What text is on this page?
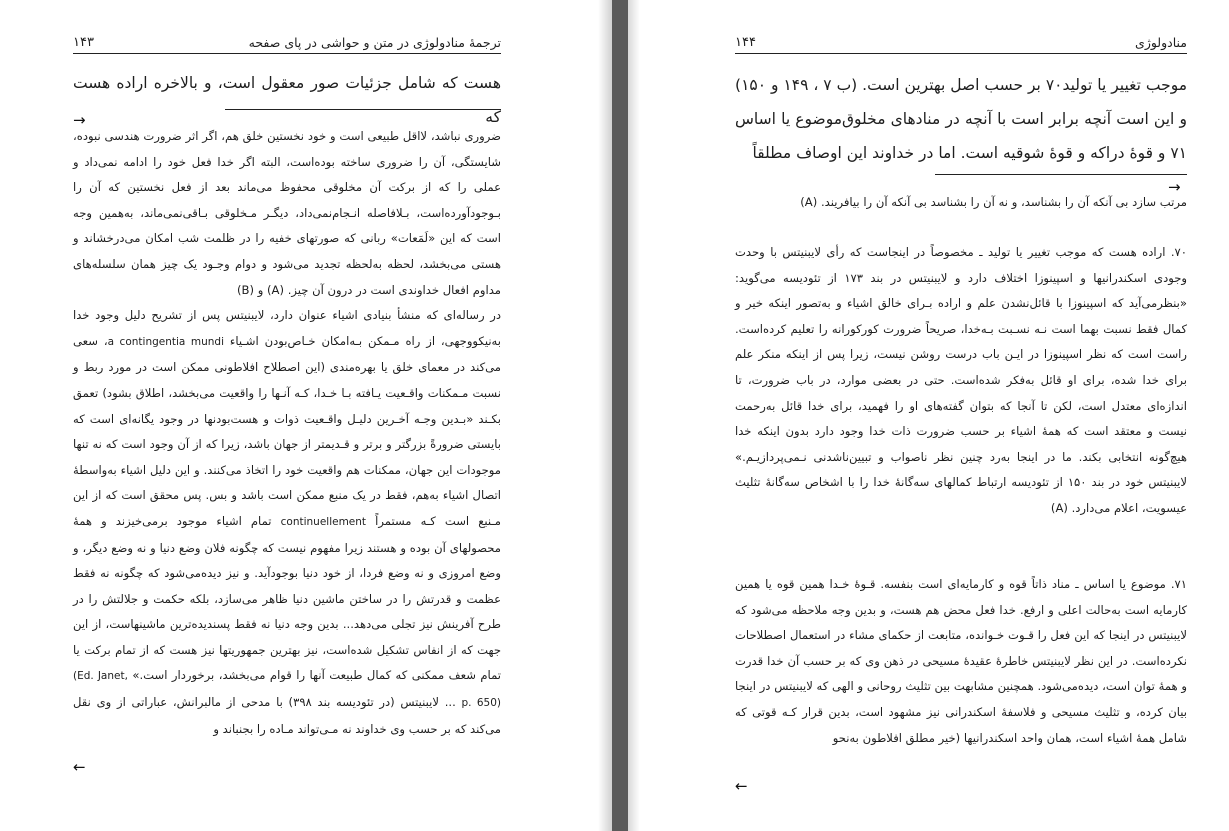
ترجمهٔ منادولوژی در متن و حواشی در پای صفحه
۱۴۳
هست که شامل جزئیات صور معقول است، و بالاخره اراده هست که
→
ضروری نباشد، لااقل طبیعی است و خود نخستین خلق هم، اگر اثر ضرورت هندسی نبوده، شایستگی، آن را ضروری ساخته بوده‌است، البته اگر خدا فعل خود را ادامه نمی‌داد و عملی را که از برکت آن مخلوقی محفوظ می‌ماند بعد از فعل نخستین که آن را بـوجودآورده‌است، بـلافاصله انـجام‌نمی‌داد، دیگـر مـخلوقی بـاقی‌نمی‌ماند، به‌همین وجه است که این «لَمَعات» ربانی که صورتهای خفیه را در ظلمت شب امکان می‌درخشاند و هستی می‌بخشد، لحظه به‌لحظه تجدید می‌شود و دوام وجـود یک چیز همان سلسله‌های مداوم افعال خداوندی است در درون آن چیز. (A) و (B)
در رساله‌ای که منشأ بنیادی اشیاء عنوان دارد، لایبنیتس پس از تشریح دلیل وجود خدا به‌نیکووجهی، از راه مـمکن بـه‌امکان خـاص‌بودن اشـیاء a contingentia mundi، سعی می‌کند در معمای خلق یا بهره‌مندی (این اصطلاح افلاطونی ممکن است در مورد ربط و نسبت مـمکنات واقـعیت یـافته بـا خـدا، کـه آنـها را واقعیت می‌بخشد، اطلاق بشود) تعمق بکـند «بـدین وجـه آخـرین دلیـل واقـعیت ذوات و هست‌بودنها در وجود یگانه‌ای است که بایستی ضرورةً بزرگتر و برتر و قـدیمتر از جهان باشد، زیرا که از آن وجود است که نه تنها موجودات این جهان، ممکنات هم واقعیت خود را اتخاذ می‌کنند. و این دلیل اشیاء به‌واسطهٔ اتصال اشیاء به‌هم، فقط در یک منبع ممکن است باشد و بس. پس محقق است که از این مـنبع است کـه مستمراً continuellement تمام اشیاء موجود برمی‌خیزند و همهٔ محصولهای آن بوده و هستند زیرا مفهوم نیست که چگونه فلان وضع دنیا و نه وضع دیگر، و وضع امروزی و نه وضع فردا، از خود دنیا بوجودآید. و نیز دیده‌می‌شود که چگونه نه فقط عظمت و قدرتش را در ساختن ماشین دنیا ظاهر می‌سازد، بلکه حکمت و جلالتش را در طرح آفرینش نیز تجلی می‌دهد... بدین وجه دنیا نه فقط پسندیده‌ترین ماشینهاست، از این جهت که از انفاس تشکیل شده‌است، نیز بهترین جمهوریتها نیز هست که از تمام برکت یا تمام شعف ممکنی که کمال طبیعت آنها را قوام می‌بخشد، برخوردار است.» (Ed. Janet, p. 650) ... لایبنیتس (در تئودیسه بند ۳۹۸) با مدحی از مالبرانش، عباراتی از وی نقل می‌کند که بر حسب وی خداوند نه مـی‌تواند مـاده را بجنباند و
←
منادولوژی
۱۴۴
موجب تغییر یا تولید۷۰ بر حسب اصل بهترین است. (ب ۷ ، ۱۴۹ و ۱۵۰) و این است آنچه برابر است با آنچه در منادهای مخلوق‌موضوع یا اساس ۷۱ و قوهٔ دراکه و قوهٔ شوقیه است. اما در خداوند این اوصاف مطلقاً
→
مرتب سازد بی آنکه آن را بشناسد، و نه آن را بشناسد بی آنکه آن را بیافریند. (A)
۷۰. اراده هست که موجب تغییر یا تولید ـ مخصوصاً در اینجاست که رأی لایبنیتس با وحدت وجودی اسکندرانیها و اسپینوزا اختلاف دارد و لایبنیتس در بند ۱۷۳ از تئودیسه می‌گوید: «بنظرمی‌آید که اسپینوزا با قائل‌نشدن علم و اراده بـرای خالق اشیاء و به‌تصور اینکه خیر و کمال فقط نسبت بهما است نـه نسـبت بـه‌خدا، صریحاً ضرورت کورکورانه را تعلیم کرده‌است. راست است که نظر اسپینوزا در ایـن باب درست روشن نیست، زیرا پس از اینکه منکر علم برای خدا شده، برای او قائل به‌فکر شده‌است. حتی در بعضی موارد، در باب ضرورت، تا اندازه‌ای معتدل است، لکن تا آنجا که بتوان گفته‌های او را فهمید، برای خدا قائل به‌رحمت نیست و معتقد است که همهٔ اشیاء بر حسب ضرورت ذات خدا وجود دارد بدون اینکه خدا هیچ‌گونه انتخابی بکند. ما در اینجا به‌رد چنین نظر ناصواب و تبیین‌ناشدنی نـمی‌پردازیـم.» لایبنیتس خود در بند ۱۵۰ از تئودیسه ارتباط کمالهای سه‌گانهٔ خدا را با اشخاص سه‌گانهٔ تثلیث عیسویت، اعلام می‌دارد. (A)
۷۱. موضوع یا اساس ـ مناد ذاتاً قوه و کارمایه‌ای است بنفسه. قـوهٔ خـدا همین قوه یا همین کارمایه است به‌حالت اعلی و ارفع. خدا فعل محض هم هست، و بدین وجه ملاحظه می‌شود که لایبنیتس در اینجا که این فعل را قـوت خـوانده، متابعت از حکمای مشاء در استعمال اصطلاحات نکرده‌است. در این نظر لایبنیتس خاطرهٔ عقیدهٔ مسیحی در ذهن وی که بر حسب آن خدا قدرت و همهٔ توان است، دیده‌می‌شود. همچنین مشابهت بین تثلیث روحانی و الهی که لایبنیتس در اینجا بیان کرده، و تثلیث مسیحی و فلاسفهٔ اسکندرانی نیز مشهود است، بدین قرار کـه قوتی که شامل همهٔ اشیاء است، همان واحد اسکندرانیها (خیر مطلق افلاطون به‌نحو
←
